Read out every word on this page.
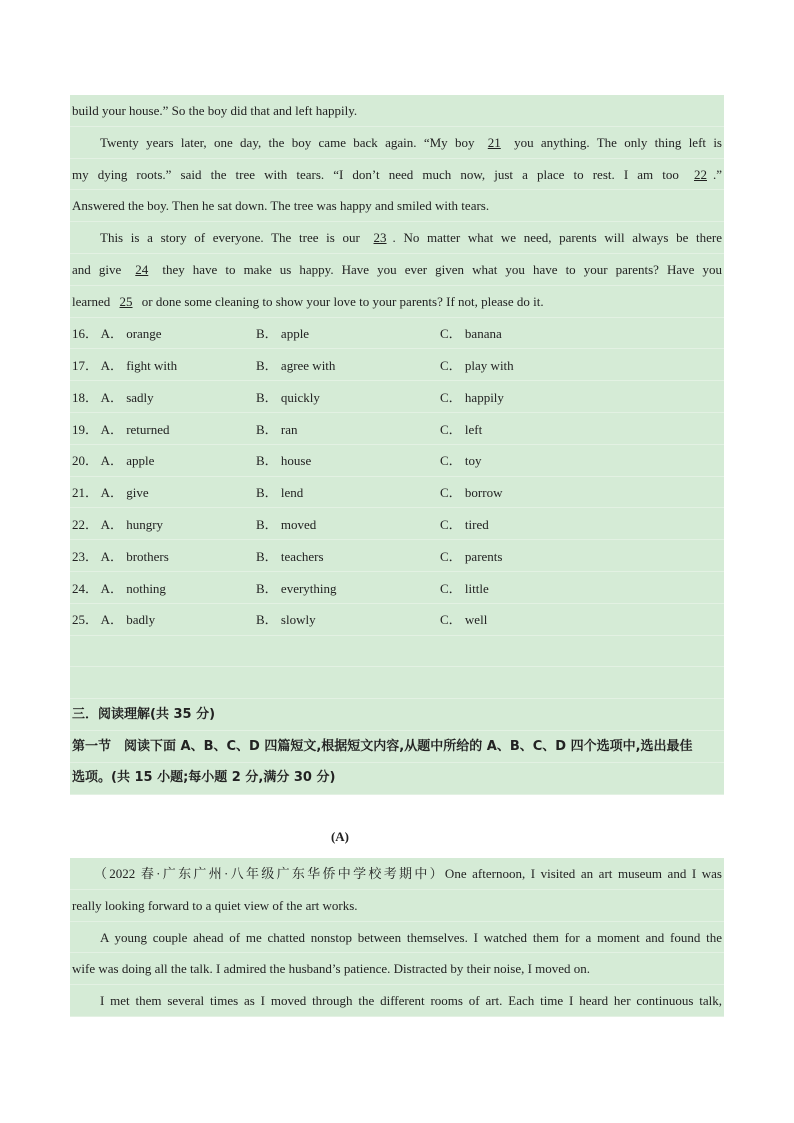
build your house.” So the boy did that and left happily.
Twenty years later, one day, the boy came back again. “My boy 21 you anything. The only thing left is
my dying roots.” said the tree with tears. “I don’t need much now, just a place to rest. I am too 22 .”
Answered the boy. Then he sat down. The tree was happy and smiled with tears.
This is a story of everyone. The tree is our 23 . No matter what we need, parents will always be there
and give 24 they have to make us happy. Have you ever given what you have to your parents? Have you
learned 25 or done some cleaning to show your love to your parents? If not, please do it.
16． A． orange	B． apple	C． banana
17． A． fight with	B． agree with	C． play with
18． A． sadly	B． quickly	C． happily
19． A． returned	B． ran	C． left
20． A． apple	B． house	C． toy
21． A． give	B． lend	C． borrow
22． A． hungry	B． moved	C． tired
23． A． brothers	B． teachers	C． parents
24． A． nothing	B． everything	C． little
25． A． badly	B． slowly	C． well
三．阅读理解(共 35 分)
第一节　阅读下面 A、B、C、D 四篇短文,根据短文内容,从题中所给的 A、B、C、D 四个选项中,选出最佳
选项。(共 15 小题;每小题 2 分,满分 30 分)
(A)
（2022 春·广东广州·八年级广东华侨中学校考期中）One afternoon, I visited an art museum and I was
really looking forward to a quiet view of the art works.
A young couple ahead of me chatted nonstop between themselves. I watched them for a moment and found the
wife was doing all the talk. I admired the husband’s patience. Distracted by their noise, I moved on.
I met them several times as I moved through the different rooms of art. Each time I heard her continuous talk,
